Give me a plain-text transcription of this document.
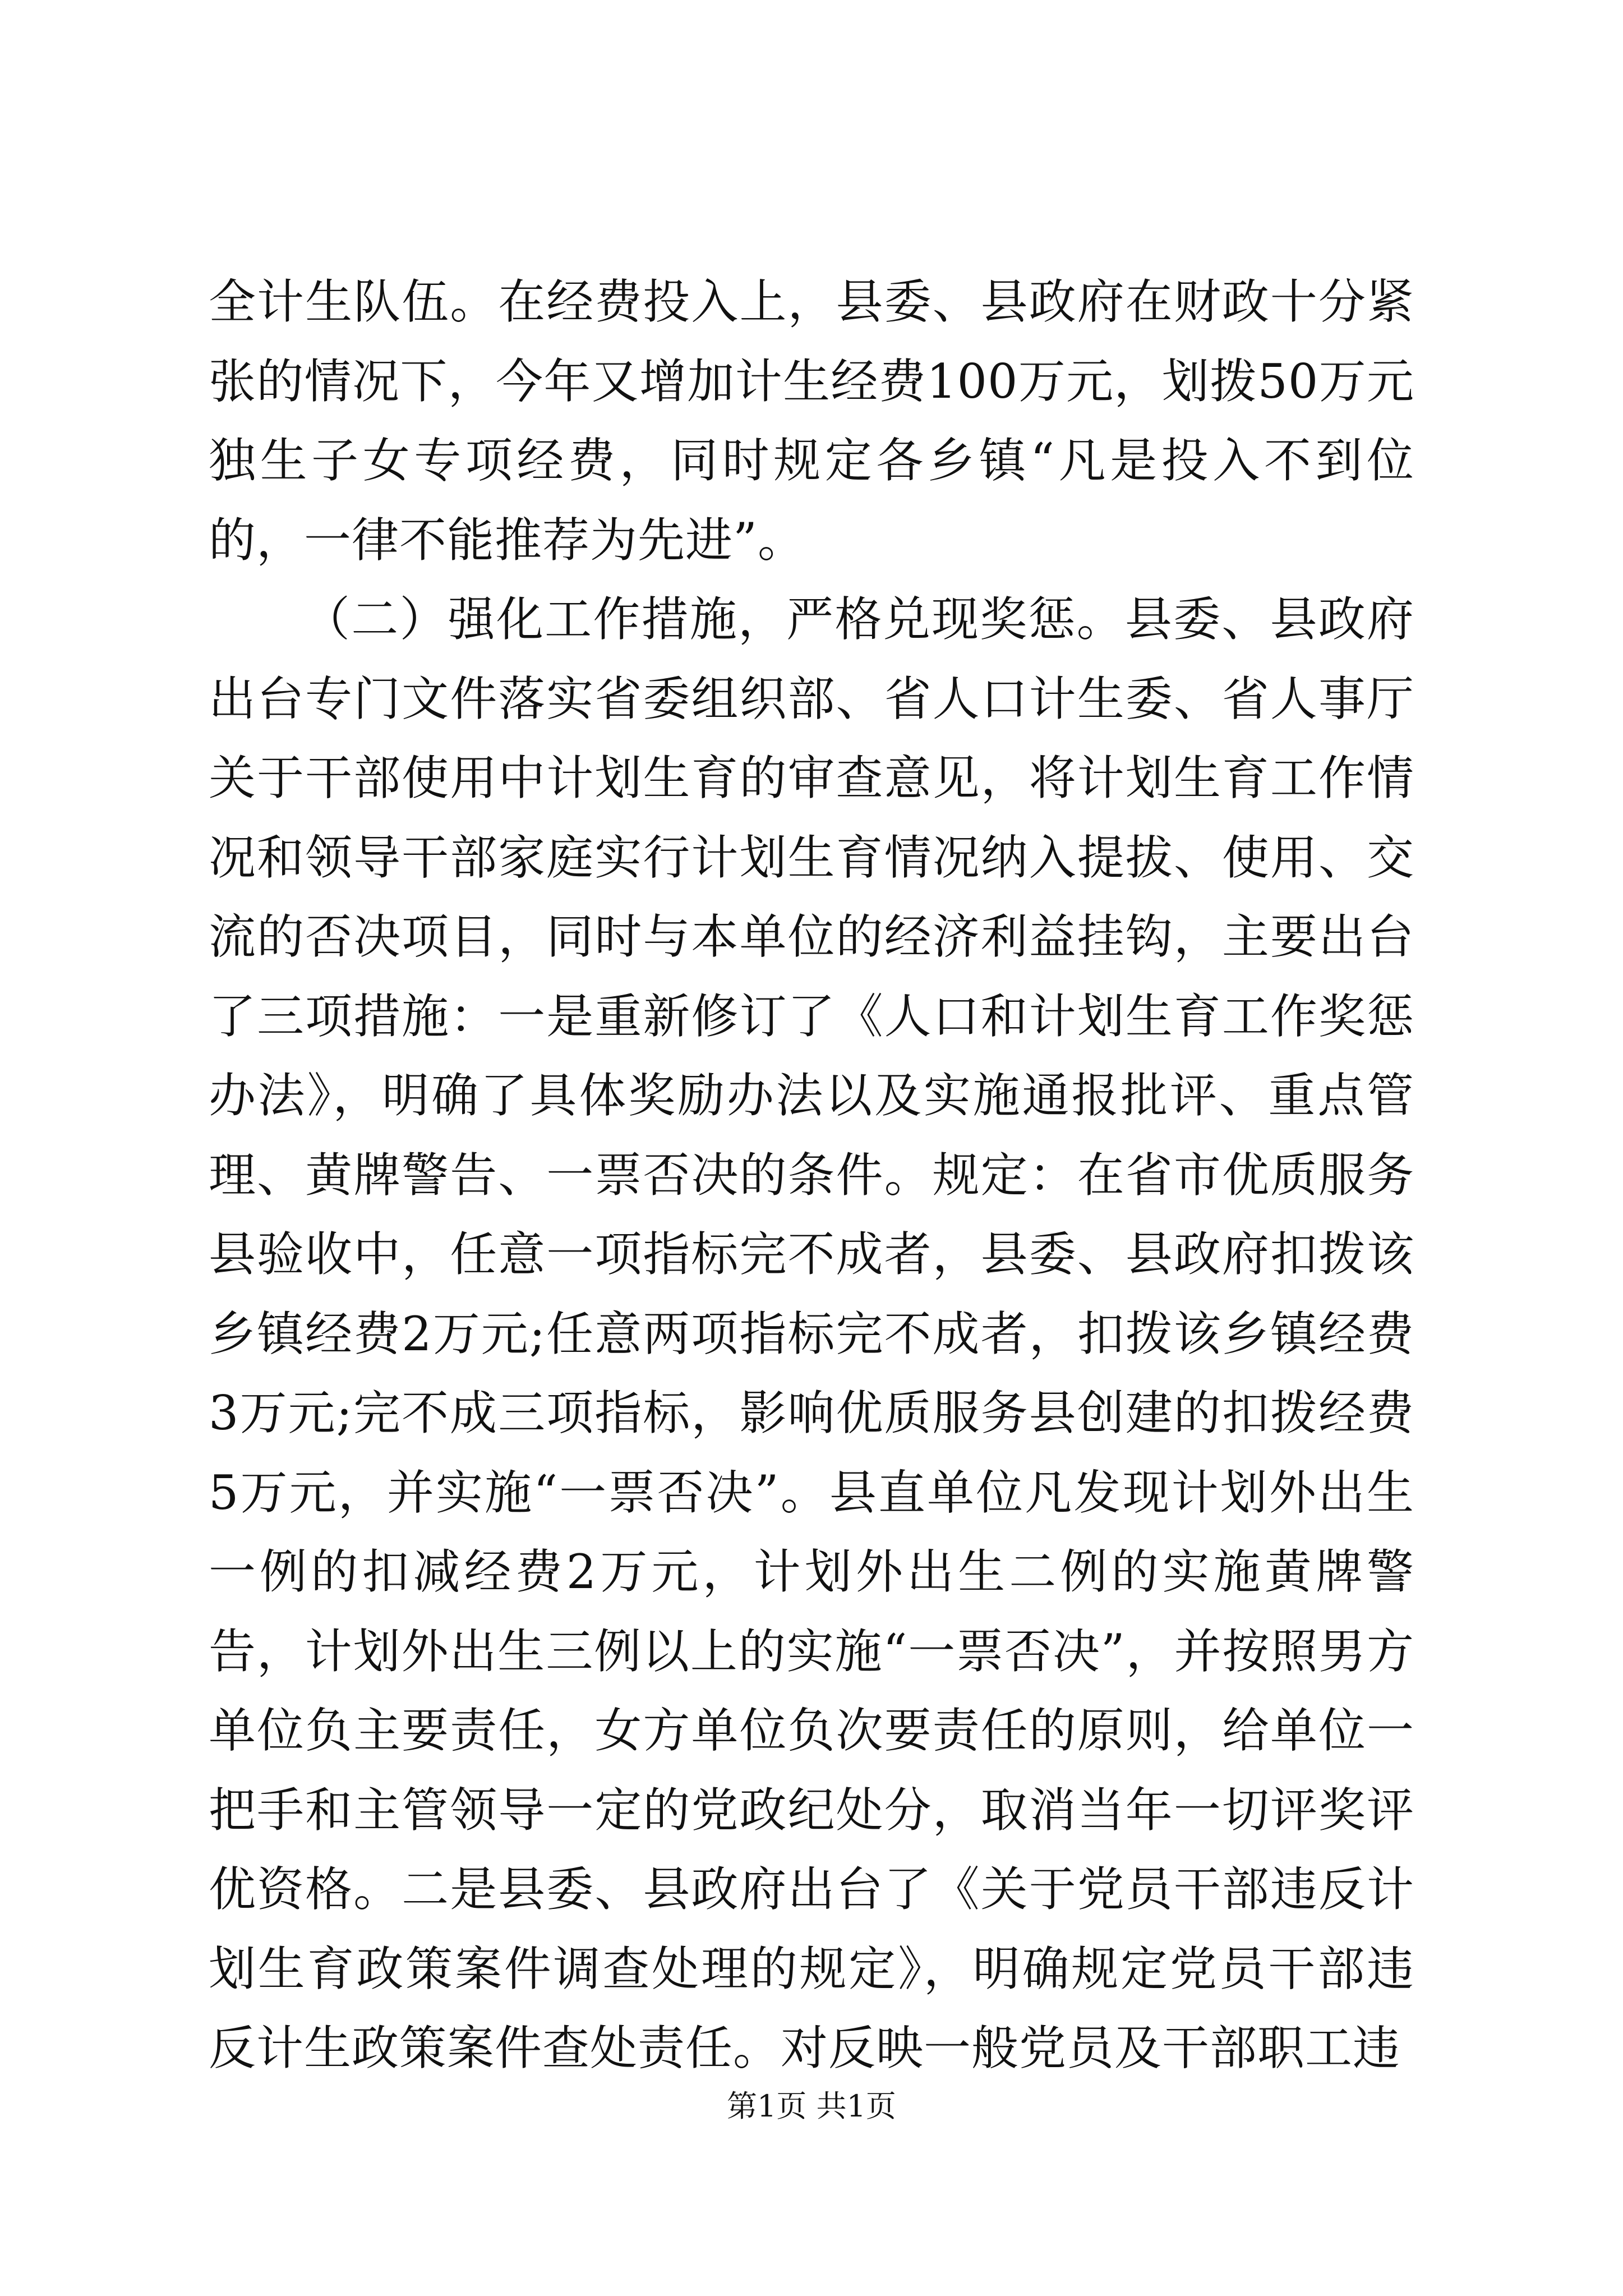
全计生队伍。在经费投入上，县委、县政府在财政十分紧张的情况下，今年又增加计生经费100万元，划拨50万元独生子女专项经费，同时规定各乡镇“凡是投入不到位的，一律不能推荐为先进”。

（二）强化工作措施，严格兑现奖惩。县委、县政府出台专门文件落实省委组织部、省人口计生委、省人事厅关于干部使用中计划生育的审查意见，将计划生育工作情况和领导干部家庭实行计划生育情况纳入提拔、使用、交流的否决项目，同时与本单位的经济利益挂钩，主要出台了三项措施：一是重新修订了《人口和计划生育工作奖惩办法》，明确了具体奖励办法以及实施通报批评、重点管理、黄牌警告、一票否决的条件。规定：在省市优质服务县验收中，任意一项指标完不成者，县委、县政府扣拨该乡镇经费2万元;任意两项指标完不成者，扣拨该乡镇经费3万元;完不成三项指标，影响优质服务县创建的扣拨经费5万元，并实施“一票否决”。县直单位凡发现计划外出生一例的扣减经费2万元，计划外出生二例的实施黄牌警告，计划外出生三例以上的实施“一票否决”，并按照男方单位负主要责任，女方单位负次要责任的原则，给单位一把手和主管领导一定的党政纪处分，取消当年一切评奖评优资格。二是县委、县政府出台了《关于党员干部违反计划生育政策案件调查处理的规定》，明确规定党员干部违反计生政策案件查处责任。对反映一般党员及干部职工违

第1页 共1页
